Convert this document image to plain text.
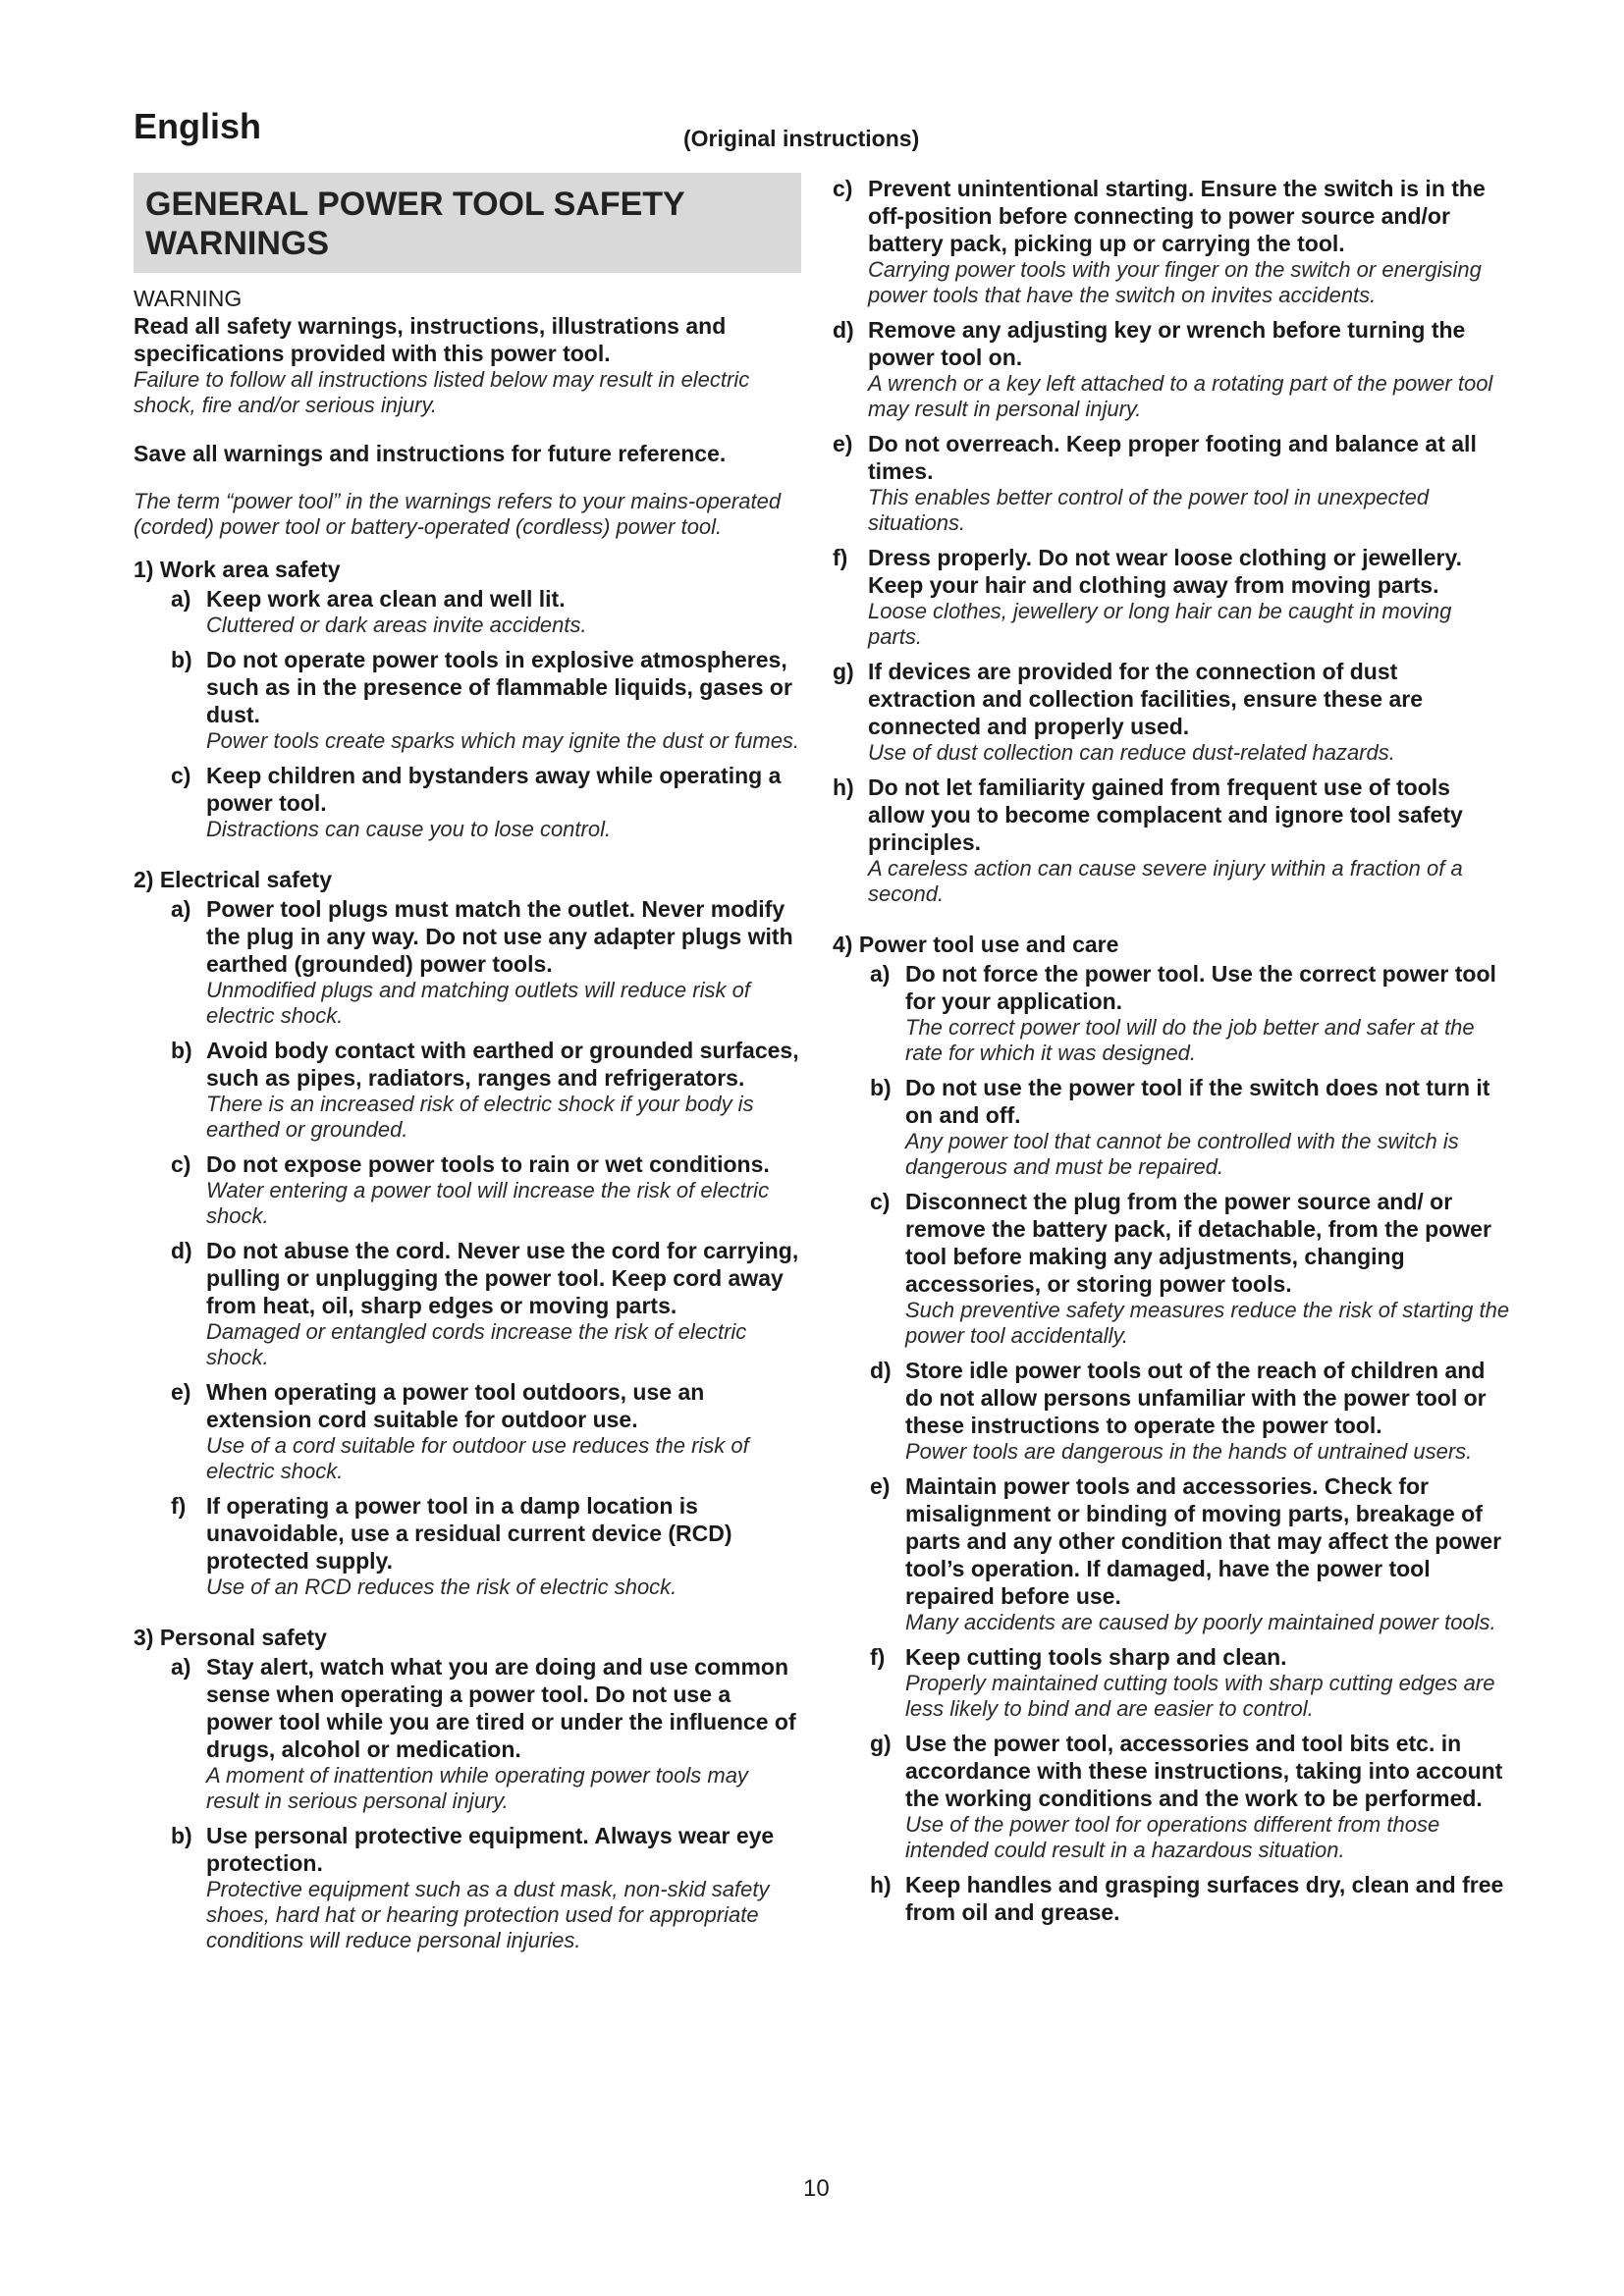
English	(Original instructions)
GENERAL POWER TOOL SAFETY WARNINGS

WARNING

Read all safety warnings, instructions, illustrations and specifications provided with this power tool.

Failure to follow all instructions listed below may result in electric shock, fire and/or serious injury.

Save all warnings and instructions for future reference.

The term “power tool” in the warnings refers to your mains-operated (corded) power tool or battery-operated (cordless) power tool.

1) Work area safety

a) Keep work area clean and well lit.
Cluttered or dark areas invite accidents.
b) Do not operate power tools in explosive atmospheres, such as in the presence of flammable liquids, gases or dust.
Power tools create sparks which may ignite the dust or fumes.
c) Keep children and bystanders away while operating a power tool.
Distractions can cause you to lose control.

2) Electrical safety

a) Power tool plugs must match the outlet. Never modify the plug in any way. Do not use any adapter plugs with earthed (grounded) power tools.
Unmodified plugs and matching outlets will reduce risk of electric shock.
b) Avoid body contact with earthed or grounded surfaces, such as pipes, radiators, ranges and refrigerators.
There is an increased risk of electric shock if your body is earthed or grounded.
c) Do not expose power tools to rain or wet conditions.
Water entering a power tool will increase the risk of electric shock.
d) Do not abuse the cord. Never use the cord for carrying, pulling or unplugging the power tool. Keep cord away from heat, oil, sharp edges or moving parts.
Damaged or entangled cords increase the risk of electric shock.
e) When operating a power tool outdoors, use an extension cord suitable for outdoor use.
Use of a cord suitable for outdoor use reduces the risk of electric shock.
f) If operating a power tool in a damp location is unavoidable, use a residual current device (RCD) protected supply.
Use of an RCD reduces the risk of electric shock.

3) Personal safety

a) Stay alert, watch what you are doing and use common sense when operating a power tool. Do not use a power tool while you are tired or under the influence of drugs, alcohol or medication.
A moment of inattention while operating power tools may result in serious personal injury.
b) Use personal protective equipment. Always wear eye protection.
Protective equipment such as a dust mask, non-skid safety shoes, hard hat or hearing protection used for appropriate conditions will reduce personal injuries.
c) Prevent unintentional starting. Ensure the switch is in the off-position before connecting to power source and/or battery pack, picking up or carrying the tool.
Carrying power tools with your finger on the switch or energising power tools that have the switch on invites accidents.
d) Remove any adjusting key or wrench before turning the power tool on.
A wrench or a key left attached to a rotating part of the power tool may result in personal injury.
e) Do not overreach. Keep proper footing and balance at all times.
This enables better control of the power tool in unexpected situations.
f) Dress properly. Do not wear loose clothing or jewellery. Keep your hair and clothing away from moving parts.
Loose clothes, jewellery or long hair can be caught in moving parts.
g) If devices are provided for the connection of dust extraction and collection facilities, ensure these are connected and properly used.
Use of dust collection can reduce dust-related hazards.
h) Do not let familiarity gained from frequent use of tools allow you to become complacent and ignore tool safety principles.
A careless action can cause severe injury within a fraction of a second.

4) Power tool use and care

a) Do not force the power tool. Use the correct power tool for your application.
The correct power tool will do the job better and safer at the rate for which it was designed.
b) Do not use the power tool if the switch does not turn it on and off.
Any power tool that cannot be controlled with the switch is dangerous and must be repaired.
c) Disconnect the plug from the power source and/ or remove the battery pack, if detachable, from the power tool before making any adjustments, changing accessories, or storing power tools.
Such preventive safety measures reduce the risk of starting the power tool accidentally.
d) Store idle power tools out of the reach of children and do not allow persons unfamiliar with the power tool or these instructions to operate the power tool.
Power tools are dangerous in the hands of untrained users.
e) Maintain power tools and accessories. Check for misalignment or binding of moving parts, breakage of parts and any other condition that may affect the power tool’s operation. If damaged, have the power tool repaired before use.
Many accidents are caused by poorly maintained power tools.
f) Keep cutting tools sharp and clean.
Properly maintained cutting tools with sharp cutting edges are less likely to bind and are easier to control.
g) Use the power tool, accessories and tool bits etc. in accordance with these instructions, taking into account the working conditions and the work to be performed.
Use of the power tool for operations different from those intended could result in a hazardous situation.
h) Keep handles and grasping surfaces dry, clean and free from oil and grease.
10
